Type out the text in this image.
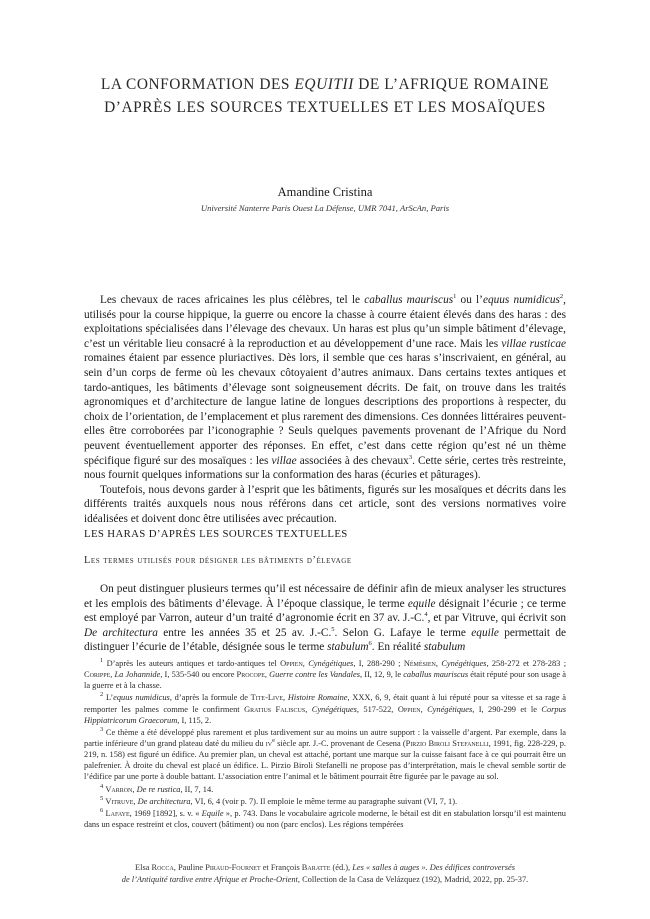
LA CONFORMATION DES EQUITII DE L’AFRIQUE ROMAINE
D’APRÈS LES SOURCES TEXTUELLES ET LES MOSAÏQUES
Amandine Cristina
Université Nanterre Paris Ouest La Défense, UMR 7041, ArScAn, Paris

Les chevaux de races africaines les plus célèbres, tel le caballus mauriscus$^1$ ou l’equus numidicus$^2$, utilisés pour la course hippique, la guerre ou encore la chasse à courre étaient élevés dans des haras : des exploitations spécialisées dans l’élevage des chevaux. Un haras est plus qu’un simple bâtiment d’élevage, c’est un véritable lieu consacré à la reproduction et au développement d’une race. Mais les villae rusticae romaines étaient par essence pluriactives. Dès lors, il semble que ces haras s’inscrivaient, en général, au sein d’un corps de ferme où les chevaux côtoyaient d’autres animaux. Dans certains textes antiques et tardo-antiques, les bâtiments d’élevage sont soigneusement décrits. De fait, on trouve dans les traités agronomiques et d’architecture de langue latine de longues descriptions des proportions à respecter, du choix de l’orientation, de l’emplacement et plus rarement des dimensions. Ces données littéraires peuvent-elles être corroborées par l’iconographie ? Seuls quelques pavements provenant de l’Afrique du Nord peuvent éventuellement apporter des réponses. En effet, c’est dans cette région qu’est né un thème spécifique figuré sur des mosaïques : les villae associées à des chevaux$^3$. Cette série, certes très restreinte, nous fournit quelques informations sur la conformation des haras (écuries et pâturages).

Toutefois, nous devons garder à l’esprit que les bâtiments, figurés sur les mosaïques et décrits dans les différents traités auxquels nous nous référons dans cet article, sont des versions normatives voire idéalisées et doivent donc être utilisées avec précaution.

LES HARAS D’APRÈS LES SOURCES TEXTUELLES
Les termes utilisés pour désigner les bâtiments d’élevage

On peut distinguer plusieurs termes qu’il est nécessaire de définir afin de mieux analyser les structures et les emplois des bâtiments d’élevage. À l’époque classique, le terme equile désignait l’écurie ; ce terme est employé par Varron, auteur d’un traité d’agronomie écrit en 37 av. J.-C.$^4$, et par Vitruve, qui écrivit son De architectura entre les années 35 et 25 av. J.-C.$^5$. Selon G. Lafaye le terme equile permettait de distinguer l’écurie de l’étable, désignée sous le terme stabulum$^6$. En réalité stabulum

$^1$ D’après les auteurs antiques et tardo-antiques tel Oppien, Cynégétiques, I, 288-290 ; Némésien, Cynégétiques, 258-272 et 278-283 ; Corippe, La Johannide, I, 535-540 ou encore Procope, Guerre contre les Vandales, II, 12, 9, le caballus mauriscus était réputé pour son usage à la guerre et à la chasse.

$^2$ L’equus numidicus, d’après la formule de Tite-Live, Histoire Romaine, XXX, 6, 9, était quant à lui réputé pour sa vitesse et sa rage à remporter les palmes comme le confirment Gratius Faliscus, Cynégétiques, 517-522, Oppien, Cynégétiques, I, 290-299 et le Corpus Hippiatricorum Graecorum, I, 115, 2.

$^3$ Ce thème a été développé plus rarement et plus tardivement sur au moins un autre support : la vaisselle d’argent. Par exemple, dans la partie inférieure d’un grand plateau daté du milieu du $iv^e$ siècle apr. J.-C. provenant de Cesena (Pirzio Biroli Stefanelli, 1991, fig. 228-229, p. 219, n. 158) est figuré un édifice. Au premier plan, un cheval est attaché, portant une marque sur la cuisse faisant face à ce qui pourrait être un palefrenier. À droite du cheval est placé un édifice. L. Pirzio Biroli Stefanelli ne propose pas d’interprétation, mais le cheval semble sortir de l’édifice par une porte à double battant. L’association entre l’animal et le bâtiment pourrait être figurée par le pavage au sol.

$^4$ Varron, De re rustica, II, 7, 14.

$^5$ Vitruve, De architectura, VI, 6, 4 (voir p. 7). Il emploie le même terme au paragraphe suivant (VI, 7, 1).

$^6$ Lafaye, 1969 [1892], s. v. « Equile », p. 743. Dans le vocabulaire agricole moderne, le bétail est dit en stabulation lorsqu’il est maintenu dans un espace restreint et clos, couvert (bâtiment) ou non (parc enclos). Les régions tempérées

Elsa Rocca, Pauline Piraud-Fournet et François Baratte (éd.), Les « salles à auges ». Des édifices controversés
de l’Antiquité tardive entre Afrique et Proche-Orient, Collection de la Casa de Velázquez (192), Madrid, 2022, pp. 25-37.
